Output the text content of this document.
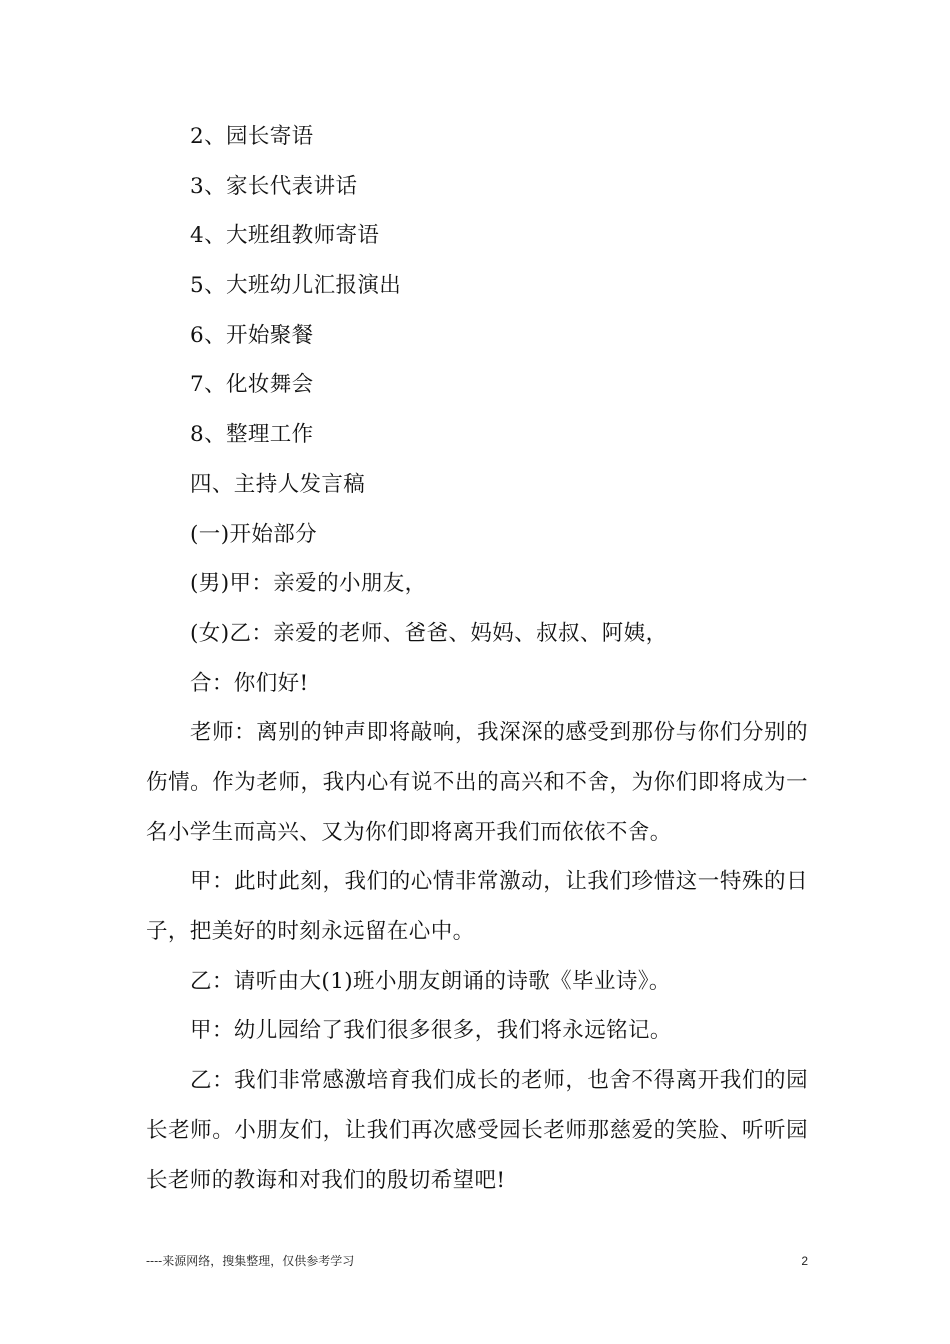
2、园长寄语
3、家长代表讲话
4、大班组教师寄语
5、大班幼儿汇报演出
6、开始聚餐
7、化妆舞会
8、整理工作
四、主持人发言稿
(一)开始部分
(男)甲：亲爱的小朋友，
(女)乙：亲爱的老师、爸爸、妈妈、叔叔、阿姨，
合：你们好!
老师：离别的钟声即将敲响，我深深的感受到那份与你们分别的伤情。作为老师，我内心有说不出的高兴和不舍，为你们即将成为一名小学生而高兴、又为你们即将离开我们而依依不舍。
甲：此时此刻，我们的心情非常激动，让我们珍惜这一特殊的日子，把美好的时刻永远留在心中。
乙：请听由大(1)班小朋友朗诵的诗歌《毕业诗》。
甲：幼儿园给了我们很多很多，我们将永远铭记。
乙：我们非常感激培育我们成长的老师，也舍不得离开我们的园长老师。小朋友们，让我们再次感受园长老师那慈爱的笑脸、听听园长老师的教诲和对我们的殷切希望吧!
----来源网络，搜集整理，仅供参考学习	2
